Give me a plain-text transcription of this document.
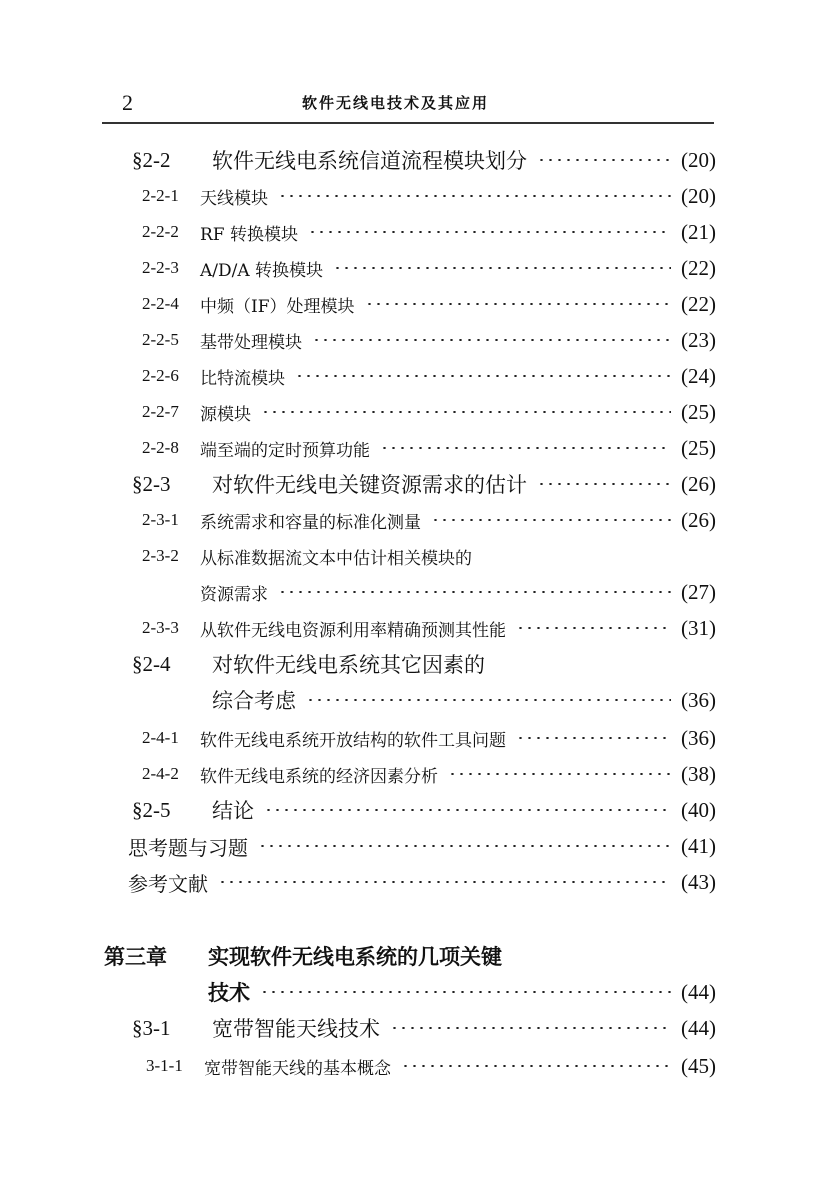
2	软件无线电技术及其应用
§2-2	软件无线电系统信道流程模块划分	(20)
2-2-1	天线模块	(20)
2-2-2	RF 转换模块	(21)
2-2-3	A/D/A 转换模块	(22)
2-2-4	中频（IF）处理模块	(22)
2-2-5	基带处理模块	(23)
2-2-6	比特流模块	(24)
2-2-7	源模块	(25)
2-2-8	端至端的定时预算功能	(25)
§2-3	对软件无线电关键资源需求的估计	(26)
2-3-1	系统需求和容量的标准化测量	(26)
2-3-2	从标准数据流文本中估计相关模块的
资源需求	(27)
2-3-3	从软件无线电资源利用率精确预测其性能	(31)
§2-4	对软件无线电系统其它因素的
综合考虑	(36)
2-4-1	软件无线电系统开放结构的软件工具问题	(36)
2-4-2	软件无线电系统的经济因素分析	(38)
§2-5	结论	(40)
思考题与习题	(41)
参考文献	(43)
第三章	实现软件无线电系统的几项关键
技术	(44)
§3-1	宽带智能天线技术	(44)
3-1-1	宽带智能天线的基本概念	(45)
